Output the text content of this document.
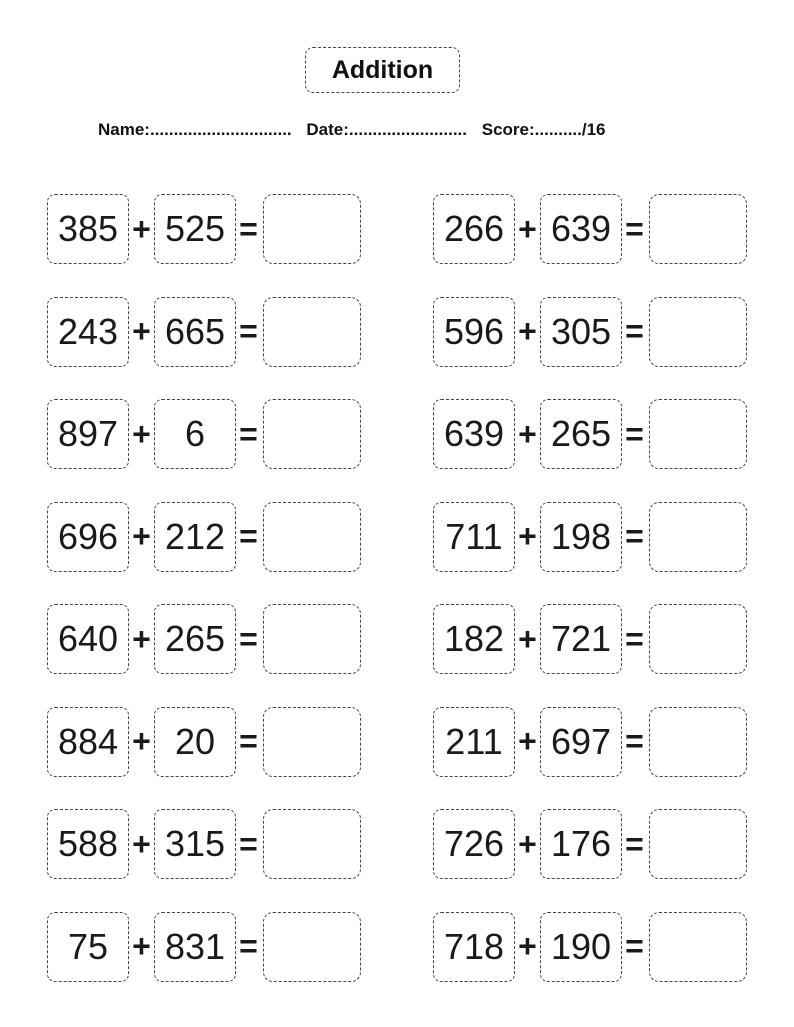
Addition
Name:.............................. Date:......................... Score:........../16
385 + 525 =	266 + 639 =
243 + 665 =	596 + 305 =
897 + 6	=	639 + 265 =
696 + 212 =	711 + 198 =
640 + 265 =	182 + 721 =
884 + 20 =	211 + 697 =
588 + 315 =	726 + 176 =
75 + 831 =	718 + 190 =
